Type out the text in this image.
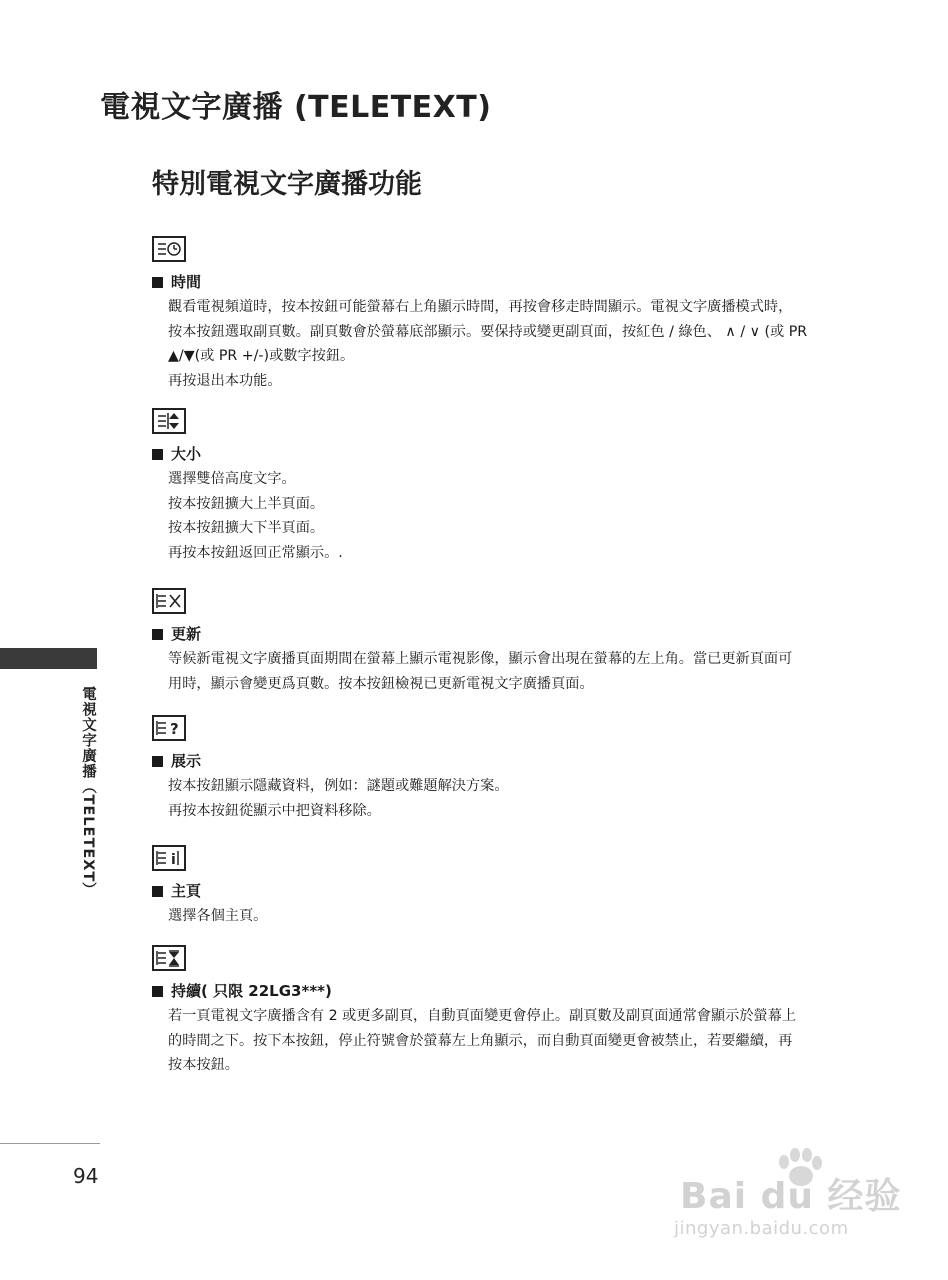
電視文字廣播 (TELETEXT)
特別電視文字廣播功能
時間

觀看電視頻道時，按本按鈕可能螢幕右上角顯示時間，再按會移走時間顯示。電視文字廣播模式時，

按本按鈕選取副頁數。副頁數會於螢幕底部顯示。要保持或變更副頁面，按紅色 / 綠色、 ∧ / ∨ (或 PR

▲/▼(或 PR +/-)或數字按鈕。

再按退出本功能。

大小

選擇雙倍高度文字。

按本按鈕擴大上半頁面。

按本按鈕擴大下半頁面。

再按本按鈕返回正常顯示。.

更新

等候新電視文字廣播頁面期間在螢幕上顯示電視影像，顯示會出現在螢幕的左上角。當已更新頁面可

用時，顯示會變更爲頁數。按本按鈕檢視已更新電視文字廣播頁面。

?
展示

按本按鈕顯示隱藏資料，例如：謎題或難題解決方案。

再按本按鈕從顯示中把資料移除。

i
主頁

選擇各個主頁。

持續( 只限 22LG3***)

若一頁電視文字廣播含有 2 或更多副頁，自動頁面變更會停止。副頁數及副頁面通常會顯示於螢幕上

的時間之下。按下本按鈕，停止符號會於螢幕左上角顯示，而自動頁面變更會被禁止，若要繼續，再

按本按鈕。

電視文字廣播（TELETEXT）
94	Bai du 经验
jingyan.baidu.com
